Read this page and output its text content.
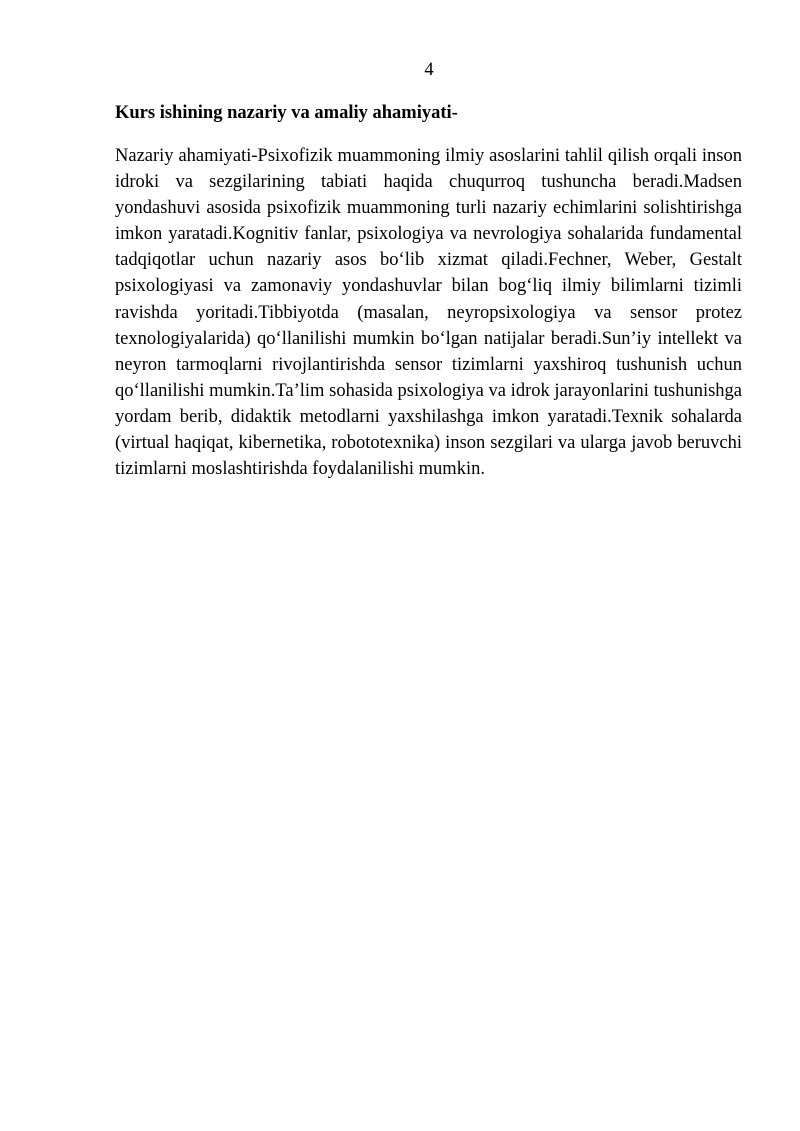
4
Kurs ishining nazariy va amaliy ahamiyati-

Nazariy ahamiyati-Psixofizik muammoning ilmiy asoslarini tahlil qilish orqali inson idroki va sezgilarining tabiati haqida chuqurroq tushuncha beradi.Madsen yondashuvi asosida psixofizik muammoning turli nazariy echimlarini solishtirishga imkon yaratadi.Kognitiv fanlar, psixologiya va nevrologiya sohalarida fundamental tadqiqotlar uchun nazariy asos bo‘lib xizmat qiladi.Fechner, Weber, Gestalt psixologiyasi va zamonaviy yondashuvlar bilan bog‘liq ilmiy bilimlarni tizimli ravishda yoritadi.Tibbiyotda (masalan, neyropsixologiya va sensor protez texnologiyalarida) qo‘llanilishi mumkin bo‘lgan natijalar beradi.Sun’iy intellekt va neyron tarmoqlarni rivojlantirishda sensor tizimlarni yaxshiroq tushunish uchun qo‘llanilishi mumkin.Ta’lim sohasida psixologiya va idrok jarayonlarini tushunishga yordam berib, didaktik metodlarni yaxshilashga imkon yaratadi.Texnik sohalarda (virtual haqiqat, kibernetika, robototexnika) inson sezgilari va ularga javob beruvchi tizimlarni moslashtirishda foydalanilishi mumkin.
